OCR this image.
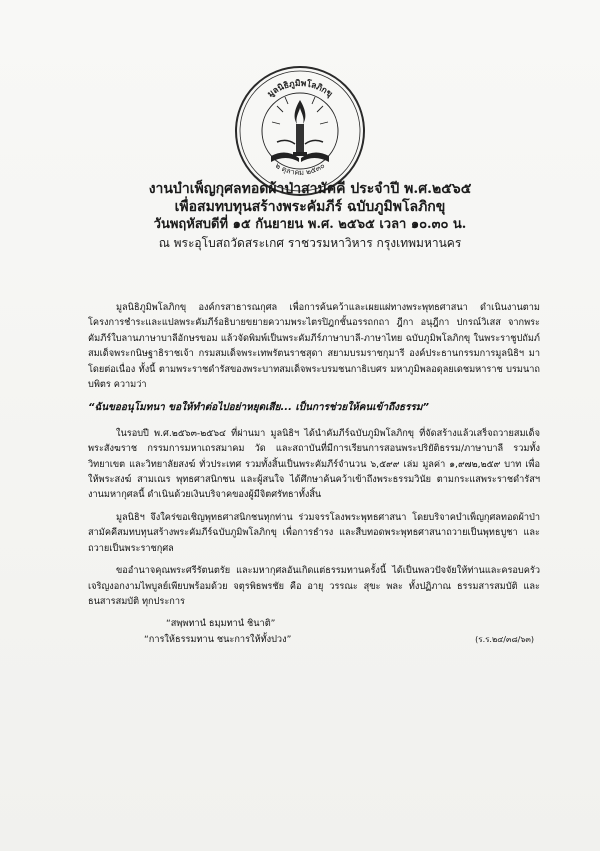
มูลนิธิภูมิพโลภิกขุ
๒ ตุลาคม ๒๕๓๐
งานบำเพ็ญกุศลทอดผ้าป่าสามัคคี ประจำปี พ.ศ.๒๕๖๕
เพื่อสมทบทุนสร้างพระคัมภีร์ ฉบับภูมิพโลภิกขุ
วันพฤหัสบดีที่ ๑๕ กันยายน พ.ศ. ๒๕๖๕ เวลา ๑๐.๓๐ น.
ณ พระอุโบสถวัดสระเกศ ราชวรมหาวิหาร กรุงเทพมหานคร

มูลนิธิภูมิพโลภิกขุ องค์กรสาธารณกุศล เพื่อการค้นคว้าและเผยแผ่ทางพระพุทธศาสนา ดำเนินงานตามโครงการชำระและแปลพระคัมภีร์อธิบายขยายความพระไตรปิฎกชั้นอรรถกถา ฎีกา อนุฎีกา ปกรณ์วิเสส จากพระคัมภีร์ใบลานภาษาบาลีอักษรขอม แล้วจัดพิมพ์เป็นพระคัมภีร์ภาษาบาลี-ภาษาไทย ฉบับภูมิพโลภิกขุ ในพระราชูปถัมภ์ สมเด็จพระกนิษฐาธิราชเจ้า กรมสมเด็จพระเทพรัตนราชสุดา สยามบรมราชกุมารี องค์ประธานกรรมการมูลนิธิฯ มาโดยต่อเนื่อง ทั้งนี้ ตามพระราชดำรัสของพระบาทสมเด็จพระบรมชนกาธิเบศร มหาภูมิพลอดุลยเดชมหาราช บรมนาถบพิตร ความว่า

“ฉันขออนุโมทนา ขอให้ทำต่อไปอย่าหยุดเสีย... เป็นการช่วยให้คนเข้าถึงธรรม”

ในรอบปี พ.ศ.๒๕๖๓-๒๕๖๔ ที่ผ่านมา มูลนิธิฯ ได้นำคัมภีร์ฉบับภูมิพโลภิกขุ ที่จัดสร้างแล้วเสร็จถวายสมเด็จพระสังฆราช กรรมการมหาเถรสมาคม วัด และสถาบันที่มีการเรียนการสอนพระปริยัติธรรม/ภาษาบาลี รวมทั้งวิทยาเขต และวิทยาลัยสงฆ์ ทั่วประเทศ รวมทั้งสิ้นเป็นพระคัมภีร์จำนวน ๖,๕๙๙ เล่ม มูลค่า ๑,๙๗๒,๒๕๙ บาท เพื่อให้พระสงฆ์ สามเณร พุทธศาสนิกชน และผู้สนใจ ได้ศึกษาค้นคว้าเข้าถึงพระธรรมวินัย ตามกระแสพระราชดำรัสฯ งานมหากุศลนี้ ดำเนินด้วยเงินบริจาคของผู้มีจิตศรัทธาทั้งสิ้น

มูลนิธิฯ จึงใคร่ขอเชิญพุทธศาสนิกชนทุกท่าน ร่วมจรรโลงพระพุทธศาสนา โดยบริจาคบำเพ็ญกุศลทอดผ้าป่าสามัคคีสมทบทุนสร้างพระคัมภีร์ฉบับภูมิพโลภิกขุ เพื่อการธำรง และสืบทอดพระพุทธศาสนาถวายเป็นพุทธบูชา และถวายเป็นพระราชกุศล

ขออำนาจคุณพระศรีรัตนตรัย และมหากุศลอันเกิดแต่ธรรมทานครั้งนี้ ได้เป็นพลวปัจจัยให้ท่านและครอบครัว เจริญงอกงามไพบูลย์เพียบพร้อมด้วย จตุรพิธพรชัย คือ อายุ วรรณะ สุขะ พละ ทั้งปฏิภาณ ธรรมสารสมบัติ และธนสารสมบัติ ทุกประการ

“สพฺพทานํ ธมฺมทานํ ชินาติ”

“การให้ธรรมทาน ชนะการให้ทั้งปวง”	(ร.ร.๒๔/๓๘/๖๓)
